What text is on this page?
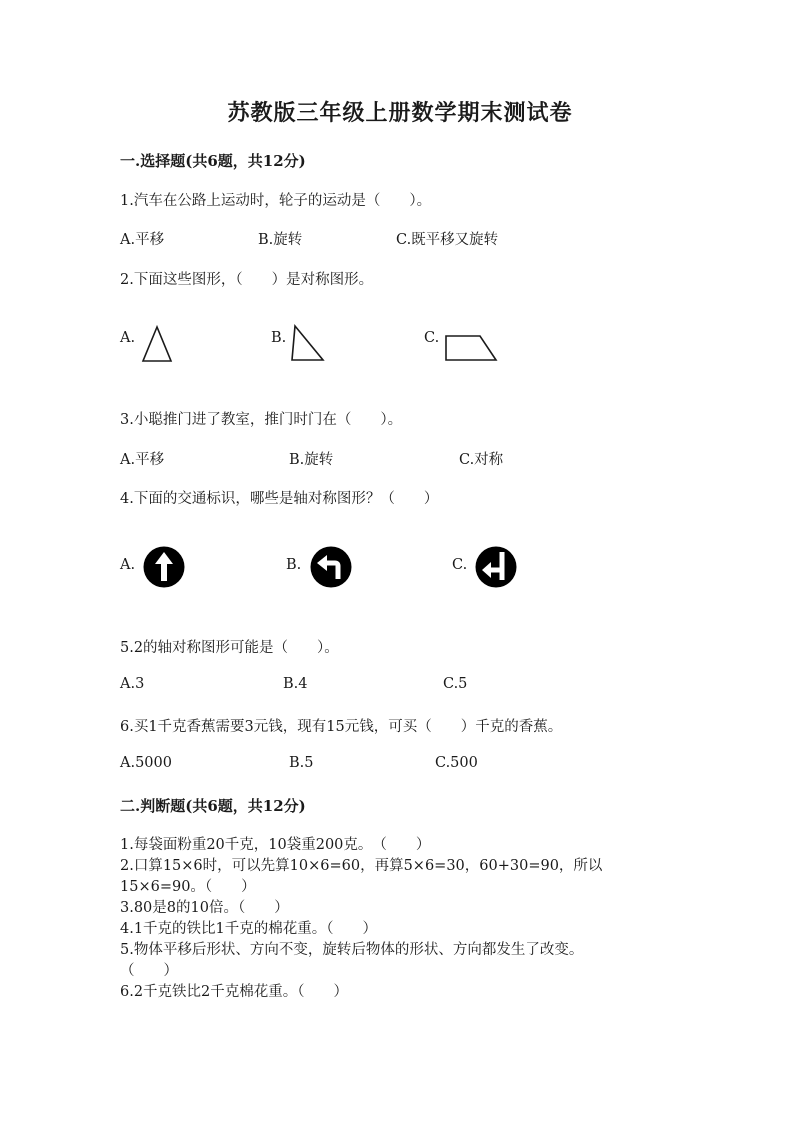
苏教版三年级上册数学期末测试卷
一.选择题(共6题，共12分)
1.汽车在公路上运动时，轮子的运动是（　　）。
A.平移	B.旋转	C.既平移又旋转
2.下面这些图形，（　　）是对称图形。
A.	B.	C.
3.小聪推门进了教室，推门时门在（　　）。
A.平移	B.旋转	C.对称
4.下面的交通标识，哪些是轴对称图形？（　　）
A.	B.	C.
5.2的轴对称图形可能是（　　）。
A.3	B.4	C.5
6.买1千克香蕉需要3元钱，现有15元钱，可买（　　）千克的香蕉。
A.5000	B.5	C.500
二.判断题(共6题，共12分)
1.每袋面粉重20千克，10袋重200克。　（　　）
2.口算15×6时，可以先算10×6=60，再算5×6=30，60+30=90，所以
15×6=90。（　　）
3.80是8的10倍。（　　）
4.1千克的铁比1千克的棉花重。（　　）
5.物体平移后形状、方向不变，旋转后物体的形状、方向都发生了改变。
（　　）
6.2千克铁比2千克棉花重。（　　）
